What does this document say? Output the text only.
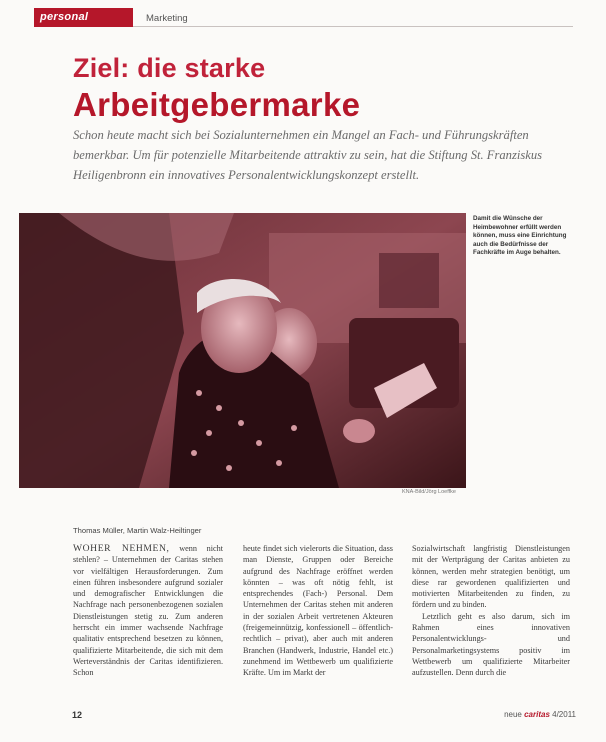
personal	Marketing
Ziel: die starke
Arbeitgebermarke

Schon heute macht sich bei Sozialunternehmen ein Mangel an Fach- und Führungskräften bemerkbar. Um für potenzielle Mitarbeitende attraktiv zu sein, hat die Stiftung St. Franziskus Heiligenbronn ein innovatives Personalentwicklungskonzept erstellt.

Damit die Wünsche der Heimbewohner erfüllt werden können, muss eine Einrichtung auch die Bedürfnisse der Fachkräfte im Auge behalten.

KNA-Bild/Jörg Loeffke
Thomas Müller, Martin Walz-Heiltinger

WOHER NEHMEN, wenn nicht stehlen? – Unternehmen der Caritas stehen vor vielfältigen Herausforderungen. Zum einen führen insbesondere aufgrund sozialer und demografischer Entwicklungen die Nachfrage nach personenbezogenen sozialen Dienstleistungen stetig zu. Zum anderen herrscht ein immer wachsende Nachfrage qualitativ entsprechend besetzen zu können, qualifizierte Mitarbeitende, die sich mit dem Werteverständnis der Caritas identifizieren. Schon

heute findet sich vielerorts die Situation, dass man Dienste, Gruppen oder Bereiche aufgrund des Nachfrage eröffnet werden könnten – was oft nötig fehlt, ist entsprechendes (Fach-) Personal. Dem Unternehmen der Caritas stehen mit anderen in der sozialen Arbeit vertretenen Akteuren (freigemeinnützig, konfessionell – öffentlich-rechtlich – privat), aber auch mit anderen Branchen (Handwerk, Industrie, Handel etc.) zunehmend im Wettbewerb um qualifizierte Kräfte. Um im Markt der

Sozialwirtschaft langfristig Dienstleistungen mit der Wertprägung der Caritas anbieten zu können, werden mehr strategien benötigt, um diese rar gewordenen qualifizierten und motivierten Mitarbeitenden zu finden, zu fördern und zu binden.

Letztlich geht es also darum, sich im Rahmen eines innovativen Personalentwicklungs- und Personalmarketingsystems positiv im Wettbewerb um qualifizierte Mitarbeiter aufzustellen. Denn durch die

12	neue caritas 4/2011
